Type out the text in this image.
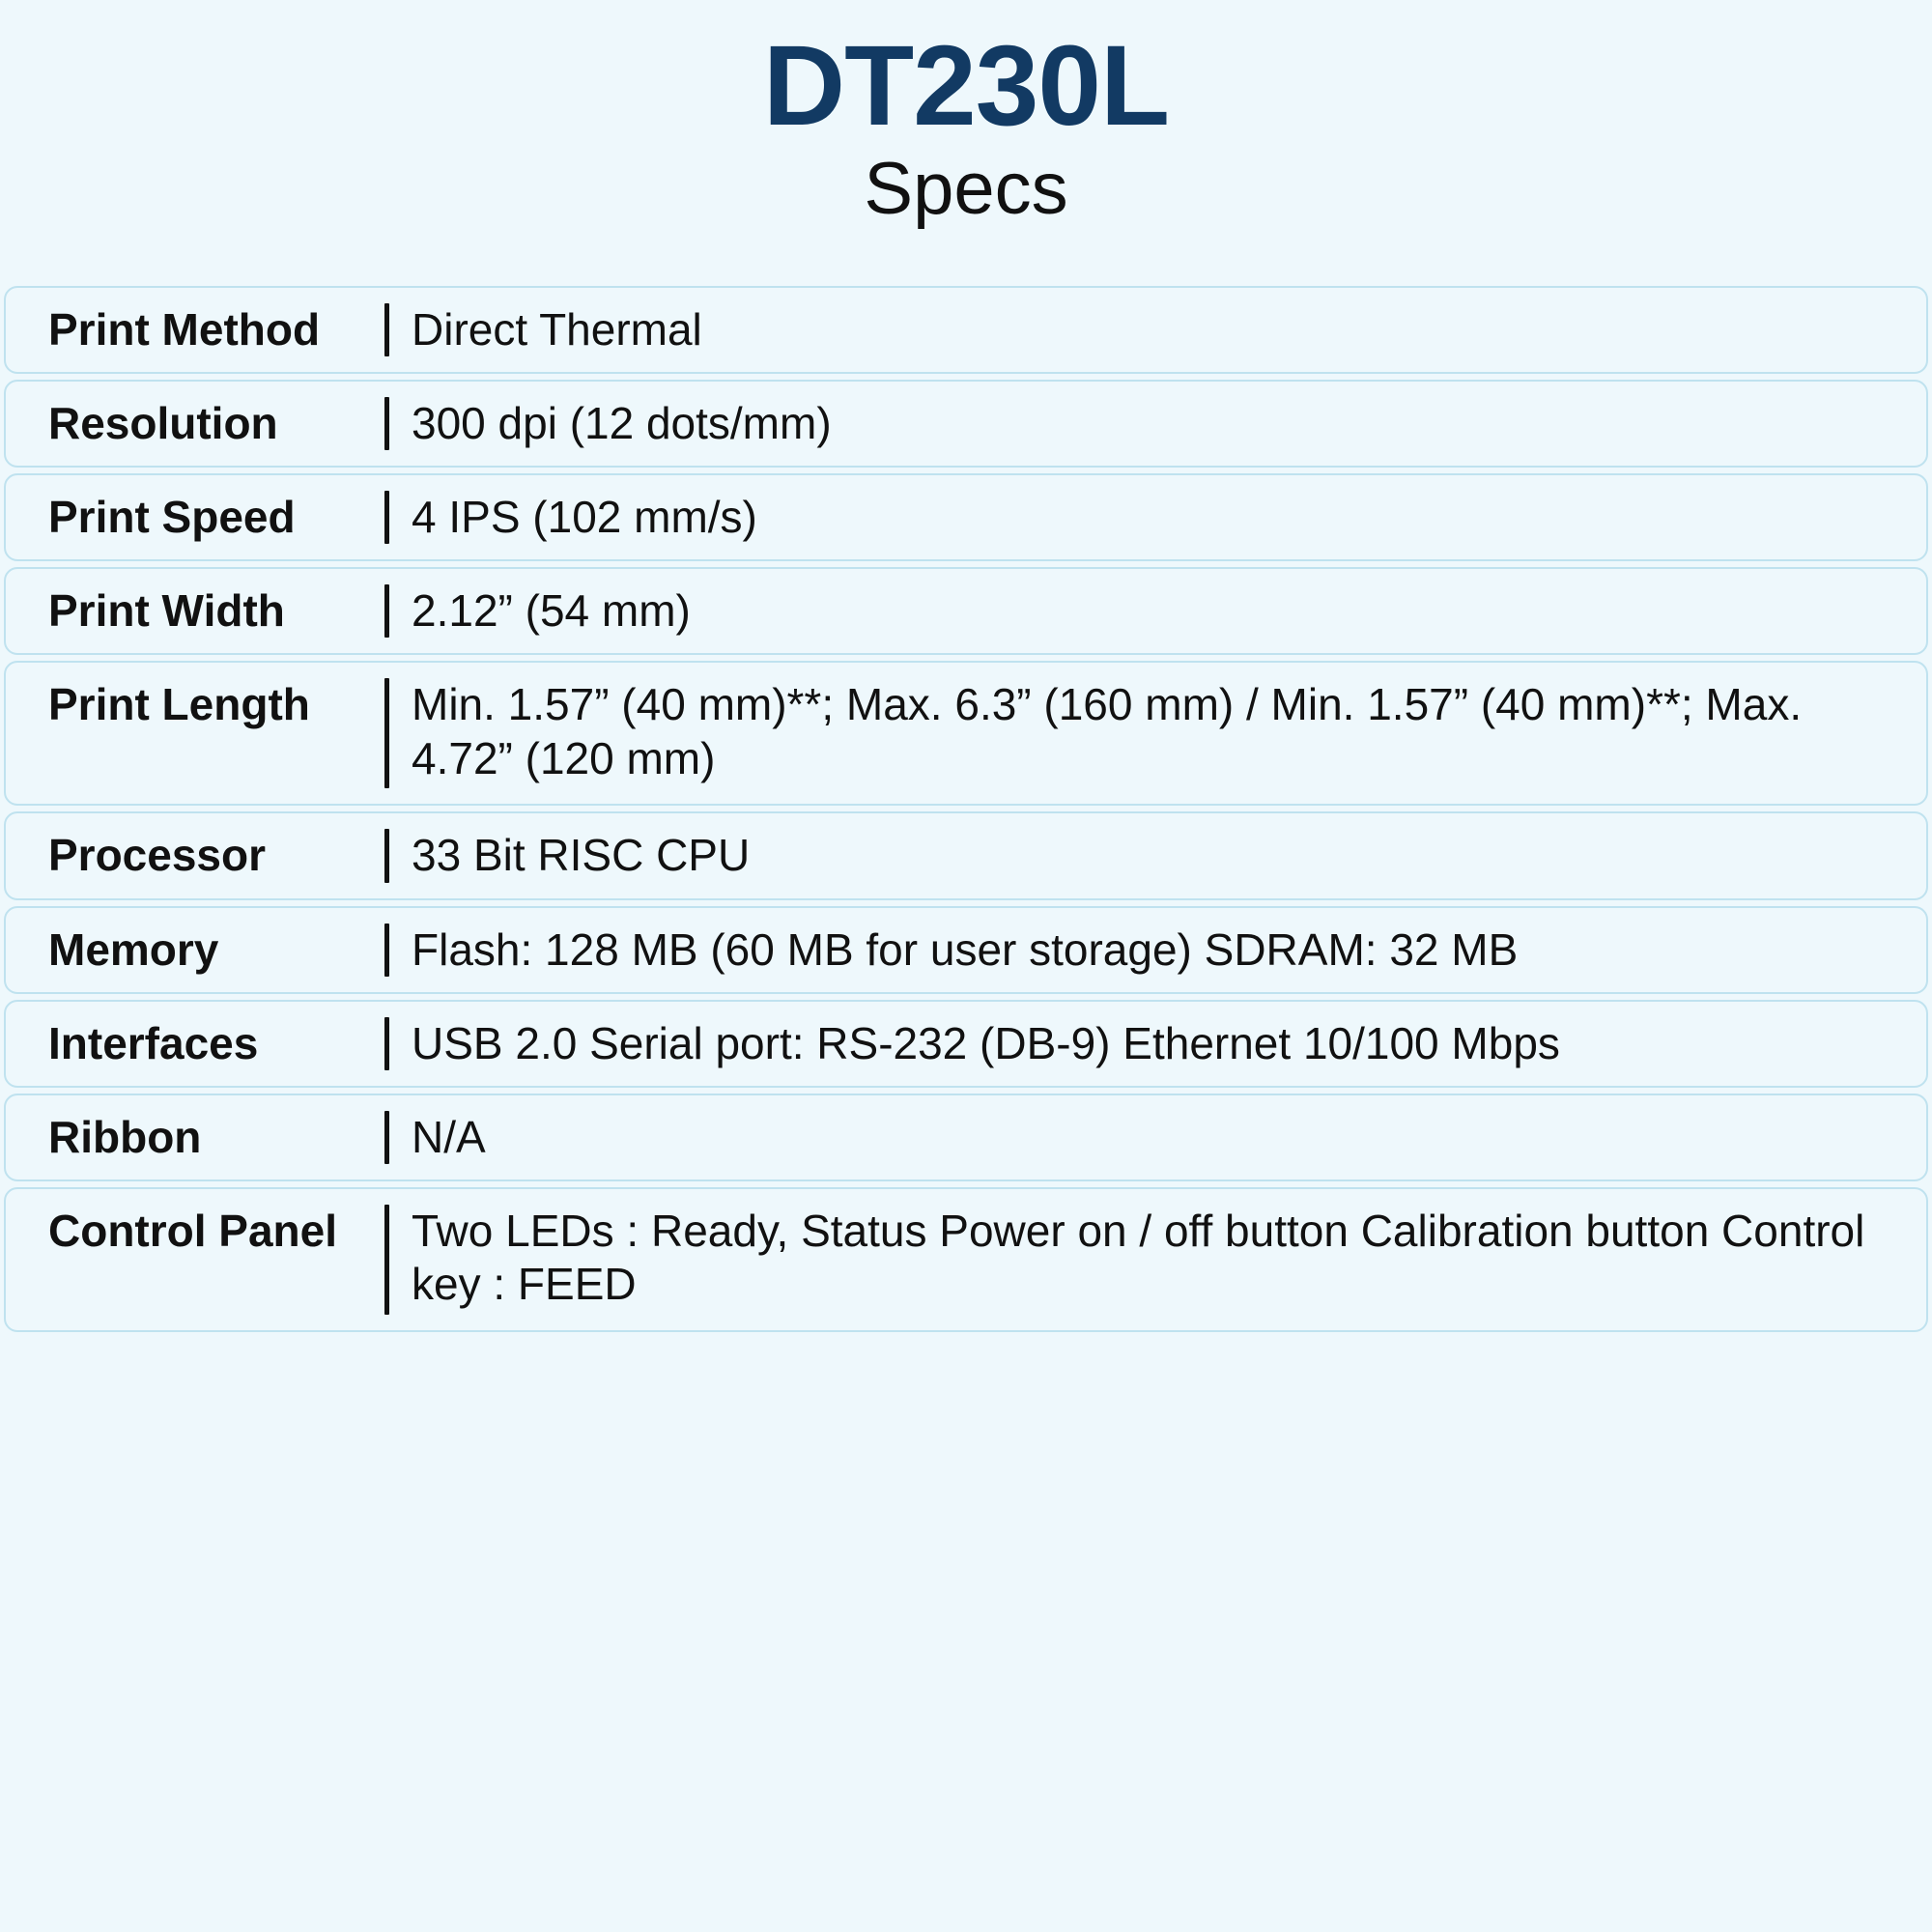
DT230L
Specs
Print Method	Direct Thermal
Resolution	300 dpi (12 dots/mm)
Print Speed	4 IPS (102 mm/s)
Print Width	2.12” (54 mm)
Print Length	Min. 1.57” (40 mm)**; Max. 6.3” (160 mm) / Min. 1.57” (40 mm)**; Max. 4.72” (120 mm)
Processor	33 Bit RISC CPU
Memory	Flash: 128 MB (60 MB for user storage) SDRAM: 32 MB
Interfaces	USB 2.0 Serial port: RS-232 (DB-9) Ethernet 10/100 Mbps
Ribbon	N/A
Control Panel	Two LEDs : Ready, Status Power on / off button Calibration button Control key : FEED
